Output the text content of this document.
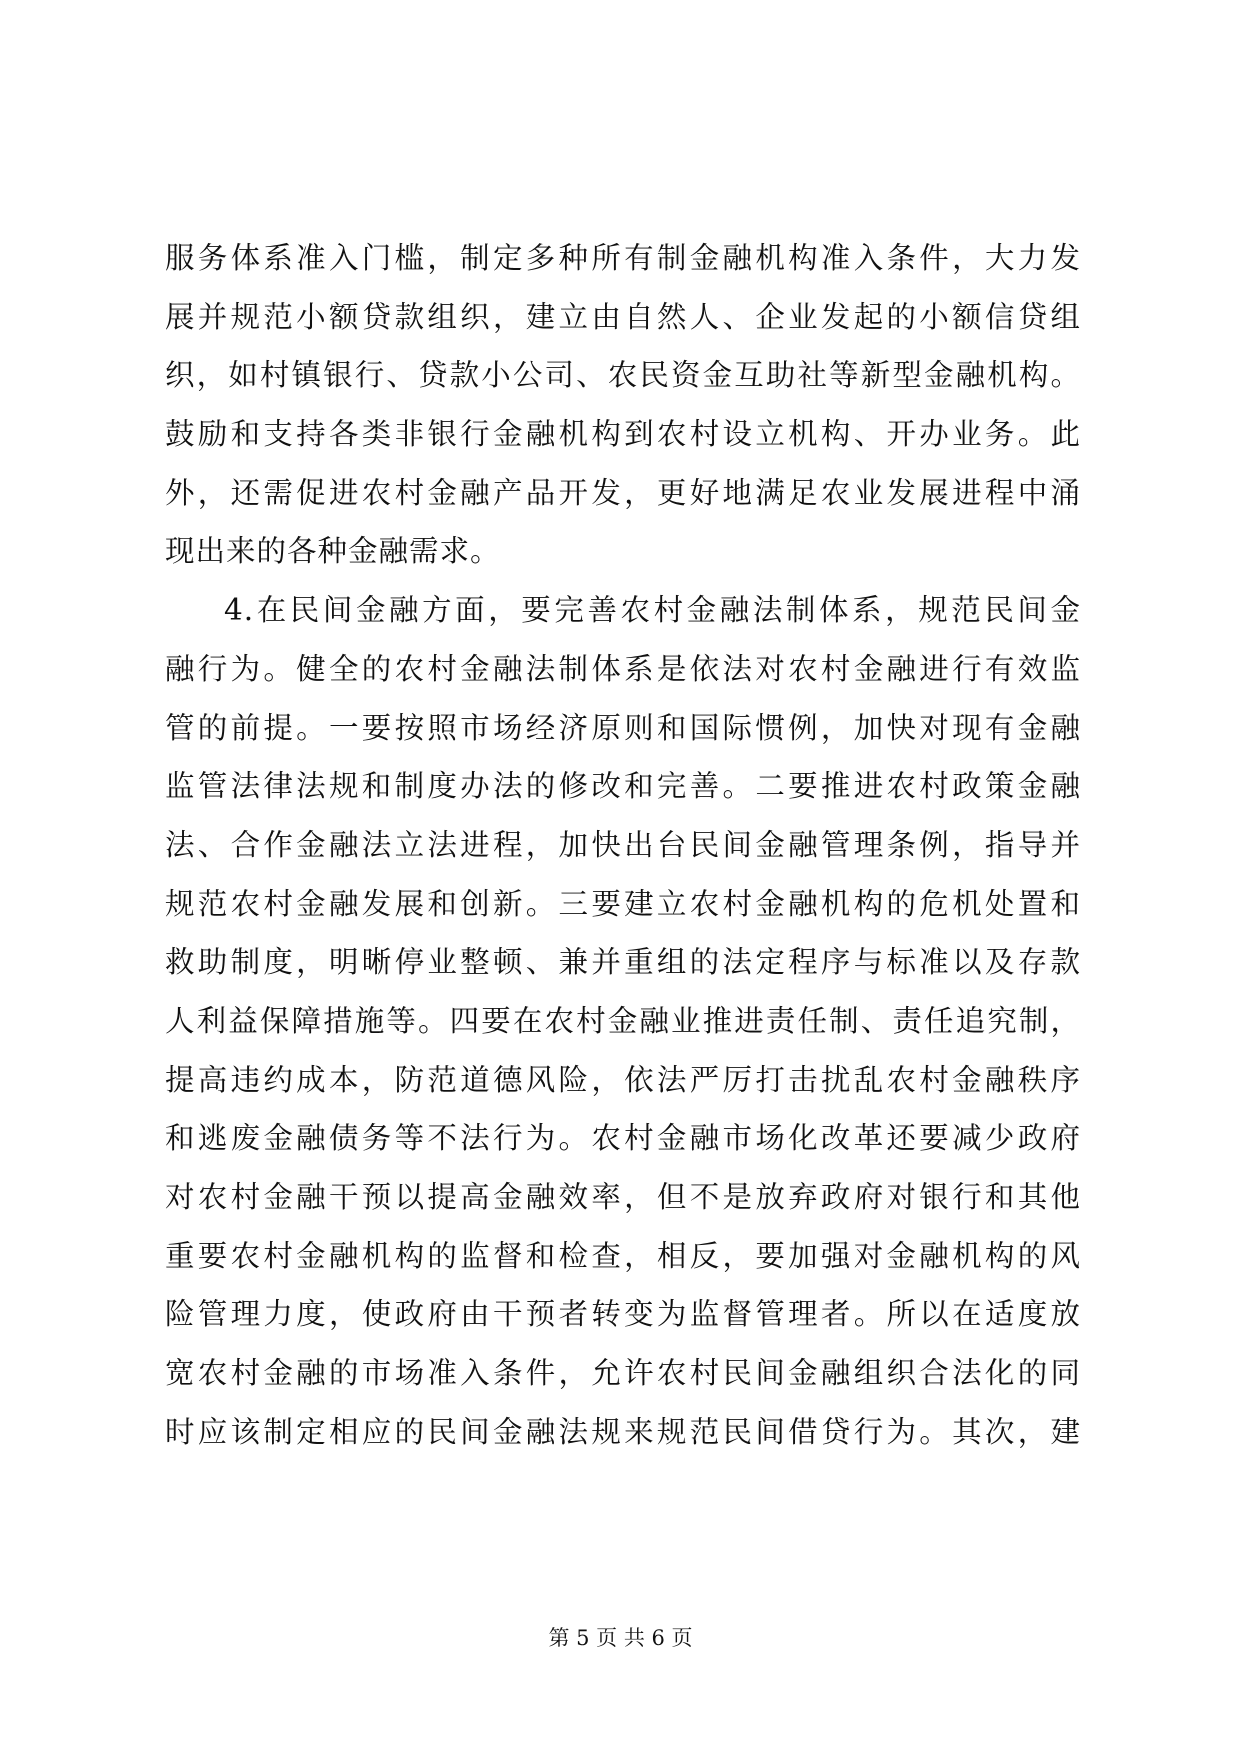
服务体系准入门槛，制定多种所有制金融机构准入条件，大力发
展并规范小额贷款组织，建立由自然人、企业发起的小额信贷组
织，如村镇银行、贷款小公司、农民资金互助社等新型金融机构。
鼓励和支持各类非银行金融机构到农村设立机构、开办业务。此
外，还需促进农村金融产品开发，更好地满足农业发展进程中涌
现出来的各种金融需求。
4.在民间金融方面，要完善农村金融法制体系，规范民间金
融行为。健全的农村金融法制体系是依法对农村金融进行有效监
管的前提。一要按照市场经济原则和国际惯例，加快对现有金融
监管法律法规和制度办法的修改和完善。二要推进农村政策金融
法、合作金融法立法进程，加快出台民间金融管理条例，指导并
规范农村金融发展和创新。三要建立农村金融机构的危机处置和
救助制度，明晰停业整顿、兼并重组的法定程序与标准以及存款
人利益保障措施等。四要在农村金融业推进责任制、责任追究制，
提高违约成本，防范道德风险，依法严厉打击扰乱农村金融秩序
和逃废金融债务等不法行为。农村金融市场化改革还要减少政府
对农村金融干预以提高金融效率，但不是放弃政府对银行和其他
重要农村金融机构的监督和检查，相反，要加强对金融机构的风
险管理力度，使政府由干预者转变为监督管理者。所以在适度放
宽农村金融的市场准入条件，允许农村民间金融组织合法化的同
时应该制定相应的民间金融法规来规范民间借贷行为。其次，建
第 5 页 共 6 页
